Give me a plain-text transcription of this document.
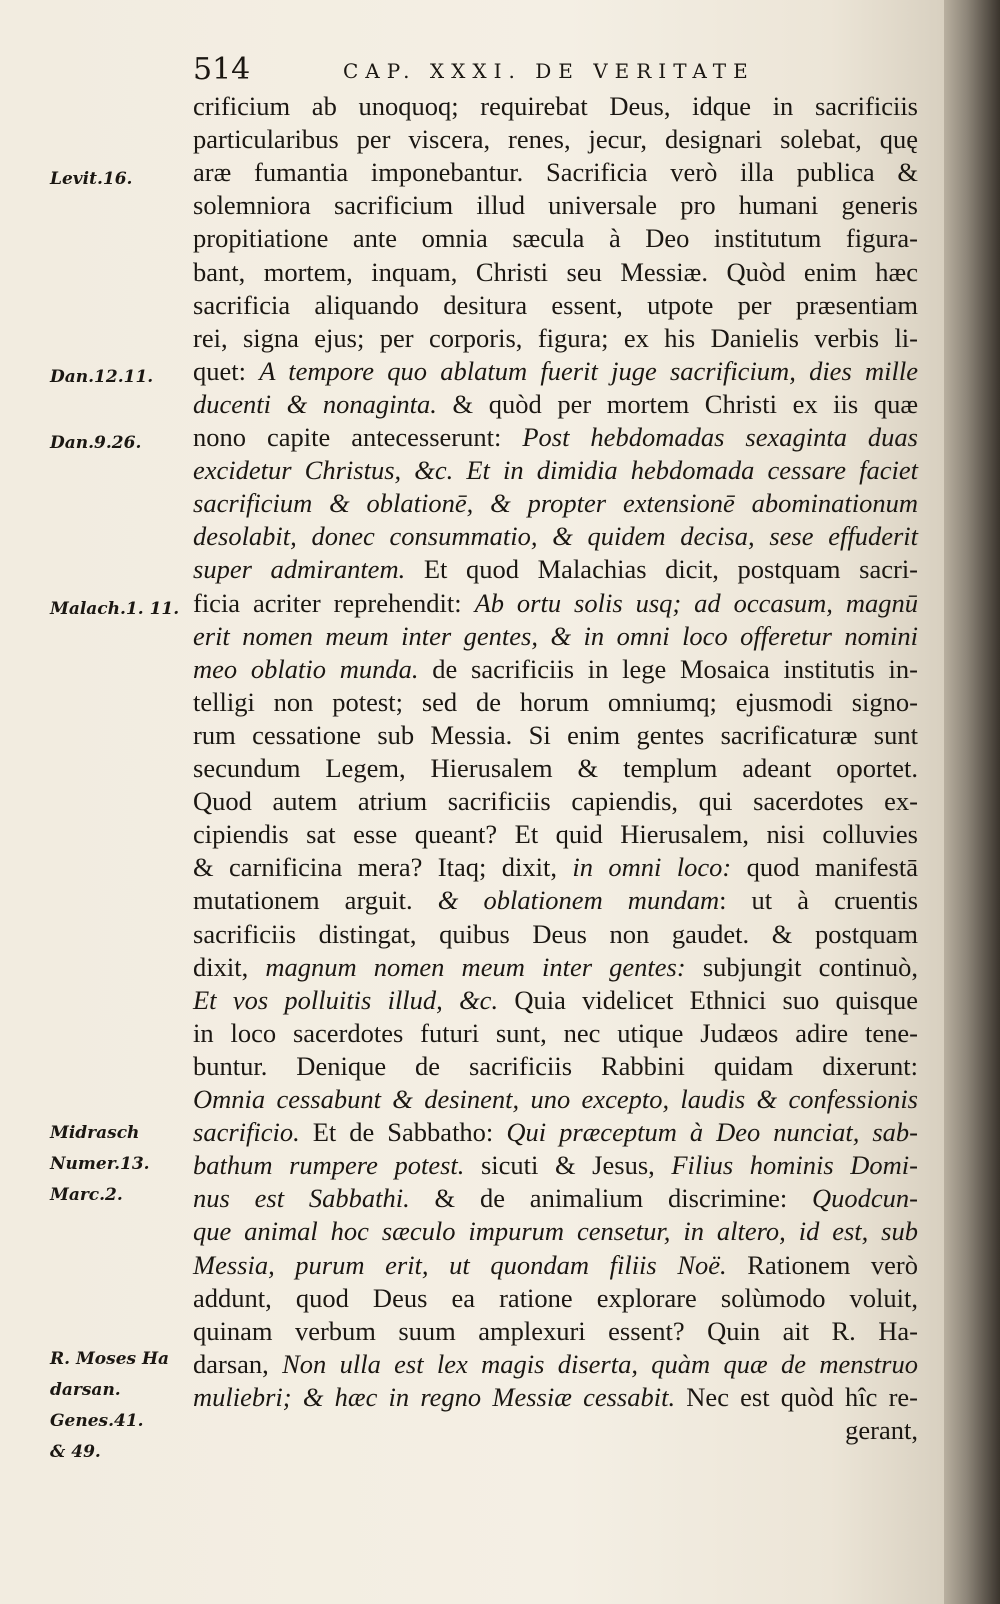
514	CAP. XXXI. DE VERITATE
Levit.16.
Dan.12.11.
Dan.9.26.
Malach.1. 11.
Midrasch
Numer.13.
Marc.2.
R. Moses Ha
darsan.
Genes.41.
& 49.
crificium ab unoquoq; requirebat Deus, idque in sacrificiis
particularibus per viscera, renes, jecur, designari solebat, quę
aræ fumantia imponebantur. Sacrificia verò illa publica &
solemniora sacrificium illud universale pro humani generis
propitiatione ante omnia sæcula à Deo institutum figura-
bant, mortem, inquam, Christi seu Messiæ. Quòd enim hæc
sacrificia aliquando desitura essent, utpote per præsentiam
rei, signa ejus; per corporis, figura; ex his Danielis verbis li-
quet: A tempore quo ablatum fuerit juge sacrificium, dies mille
ducenti & nonaginta. & quòd per mortem Christi ex iis quæ
nono capite antecesserunt: Post hebdomadas sexaginta duas
excidetur Christus, &c. Et in dimidia hebdomada cessare faciet
sacrificium & oblationē, & propter extensionē abominationum
desolabit, donec consummatio, & quidem decisa, sese effuderit
super admirantem. Et quod Malachias dicit, postquam sacri-
ficia acriter reprehendit: Ab ortu solis usq; ad occasum, magnū
erit nomen meum inter gentes, & in omni loco offeretur nomini
meo oblatio munda. de sacrificiis in lege Mosaica institutis in-
telligi non potest; sed de horum omniumq; ejusmodi signo-
rum cessatione sub Messia. Si enim gentes sacrificaturæ sunt
secundum Legem, Hierusalem & templum adeant oportet.
Quod autem atrium sacrificiis capiendis, qui sacerdotes ex-
cipiendis sat esse queant? Et quid Hierusalem, nisi colluvies
& carnificina mera? Itaq; dixit, in omni loco: quod manifestā
mutationem arguit. & oblationem mundam: ut à cruentis
sacrificiis distingat, quibus Deus non gaudet. & postquam
dixit, magnum nomen meum inter gentes: subjungit continuò,
Et vos polluitis illud, &c. Quia videlicet Ethnici suo quisque
in loco sacerdotes futuri sunt, nec utique Judæos adire tene-
buntur. Denique de sacrificiis Rabbini quidam dixerunt:
Omnia cessabunt & desinent, uno excepto, laudis & confessionis
sacrificio. Et de Sabbatho: Qui præceptum à Deo nunciat, sab-
bathum rumpere potest. sicuti & Jesus, Filius hominis Domi-
nus est Sabbathi. & de animalium discrimine: Quodcun-
que animal hoc sæculo impurum censetur, in altero, id est, sub
Messia, purum erit, ut quondam filiis Noë. Rationem verò
addunt, quod Deus ea ratione explorare solùmodo voluit,
quinam verbum suum amplexuri essent? Quin ait R. Ha-
darsan, Non ulla est lex magis diserta, quàm quæ de menstruo
muliebri; & hæc in regno Messiæ cessabit. Nec est quòd hîc re-
gerant,
